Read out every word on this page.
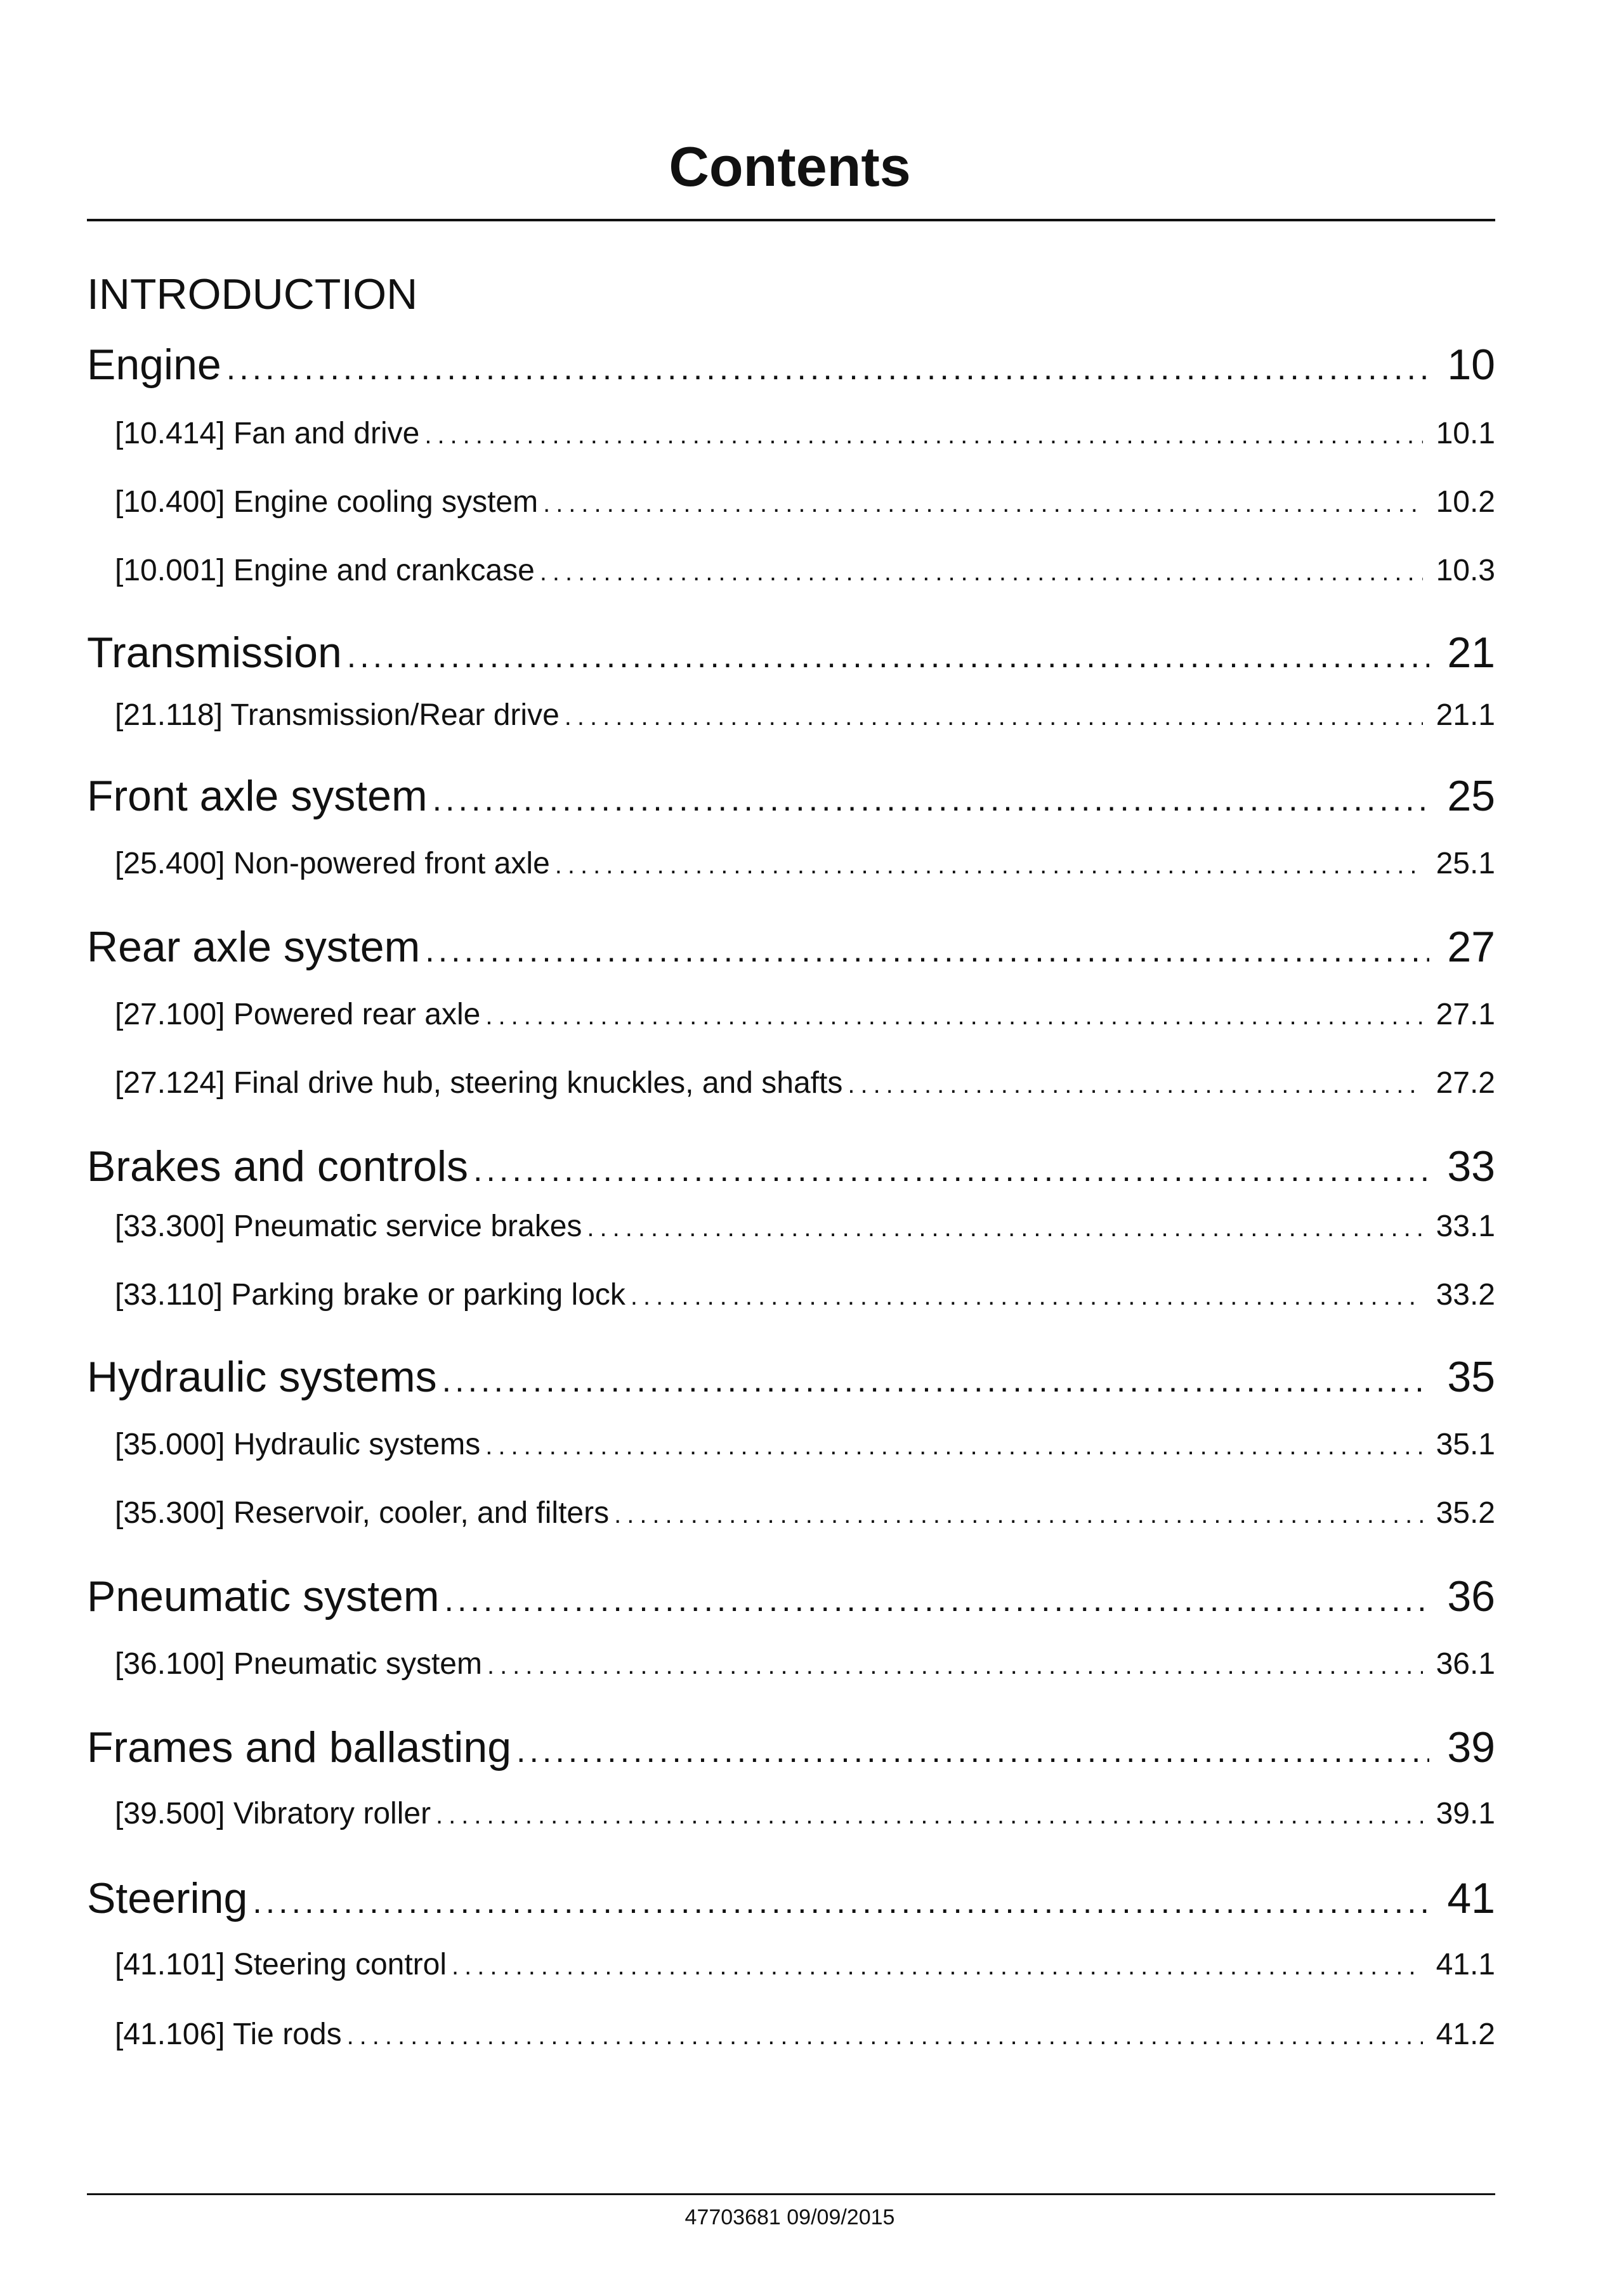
Contents

INTRODUCTION

Engine .....	10
[10.414] Fan and drive .....	10.1
[10.400] Engine cooling system .....	10.2
[10.001] Engine and crankcase .....	10.3
Transmission .....	21
[21.118] Transmission/Rear drive .....	21.1
Front axle system .....	25
[25.400] Non-powered front axle .....	25.1
Rear axle system .....	27
[27.100] Powered rear axle .....	27.1
[27.124] Final drive hub, steering knuckles, and shafts .....	27.2
Brakes and controls .....	33
[33.300] Pneumatic service brakes .....	33.1
[33.110] Parking brake or parking lock .....	33.2
Hydraulic systems .....	35
[35.000] Hydraulic systems .....	35.1
[35.300] Reservoir, cooler, and filters .....	35.2
Pneumatic system .....	36
[36.100] Pneumatic system .....	36.1
Frames and ballasting .....	39
[39.500] Vibratory roller .....	39.1
Steering .....	41
[41.101] Steering control .....	41.1
[41.106] Tie rods .....	41.2

47703681 09/09/2015
